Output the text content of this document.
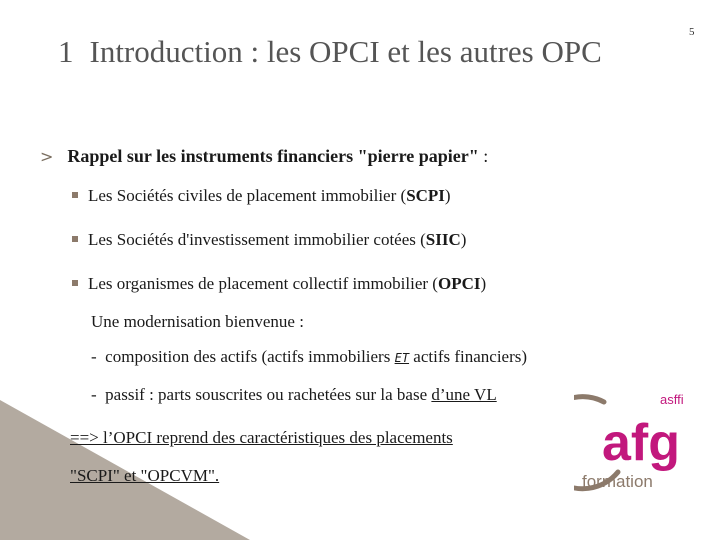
5
1 Introduction : les OPCI et les autres OPC
> Rappel sur les instruments financiers "pierre papier" :
Les Sociétés civiles de placement immobilier (SCPI)
Les Sociétés d'investissement immobilier cotées (SIIC)
Les organismes de placement collectif immobilier (OPCI)
Une modernisation bienvenue :
- composition des actifs (actifs immobiliers ET actifs financiers)
- passif : parts souscrites ou rachetées sur la base d’une VL
==> l’OPCI reprend des caractéristiques des placements
"SCPI" et "OPCVM".
asffi
afg
formation
